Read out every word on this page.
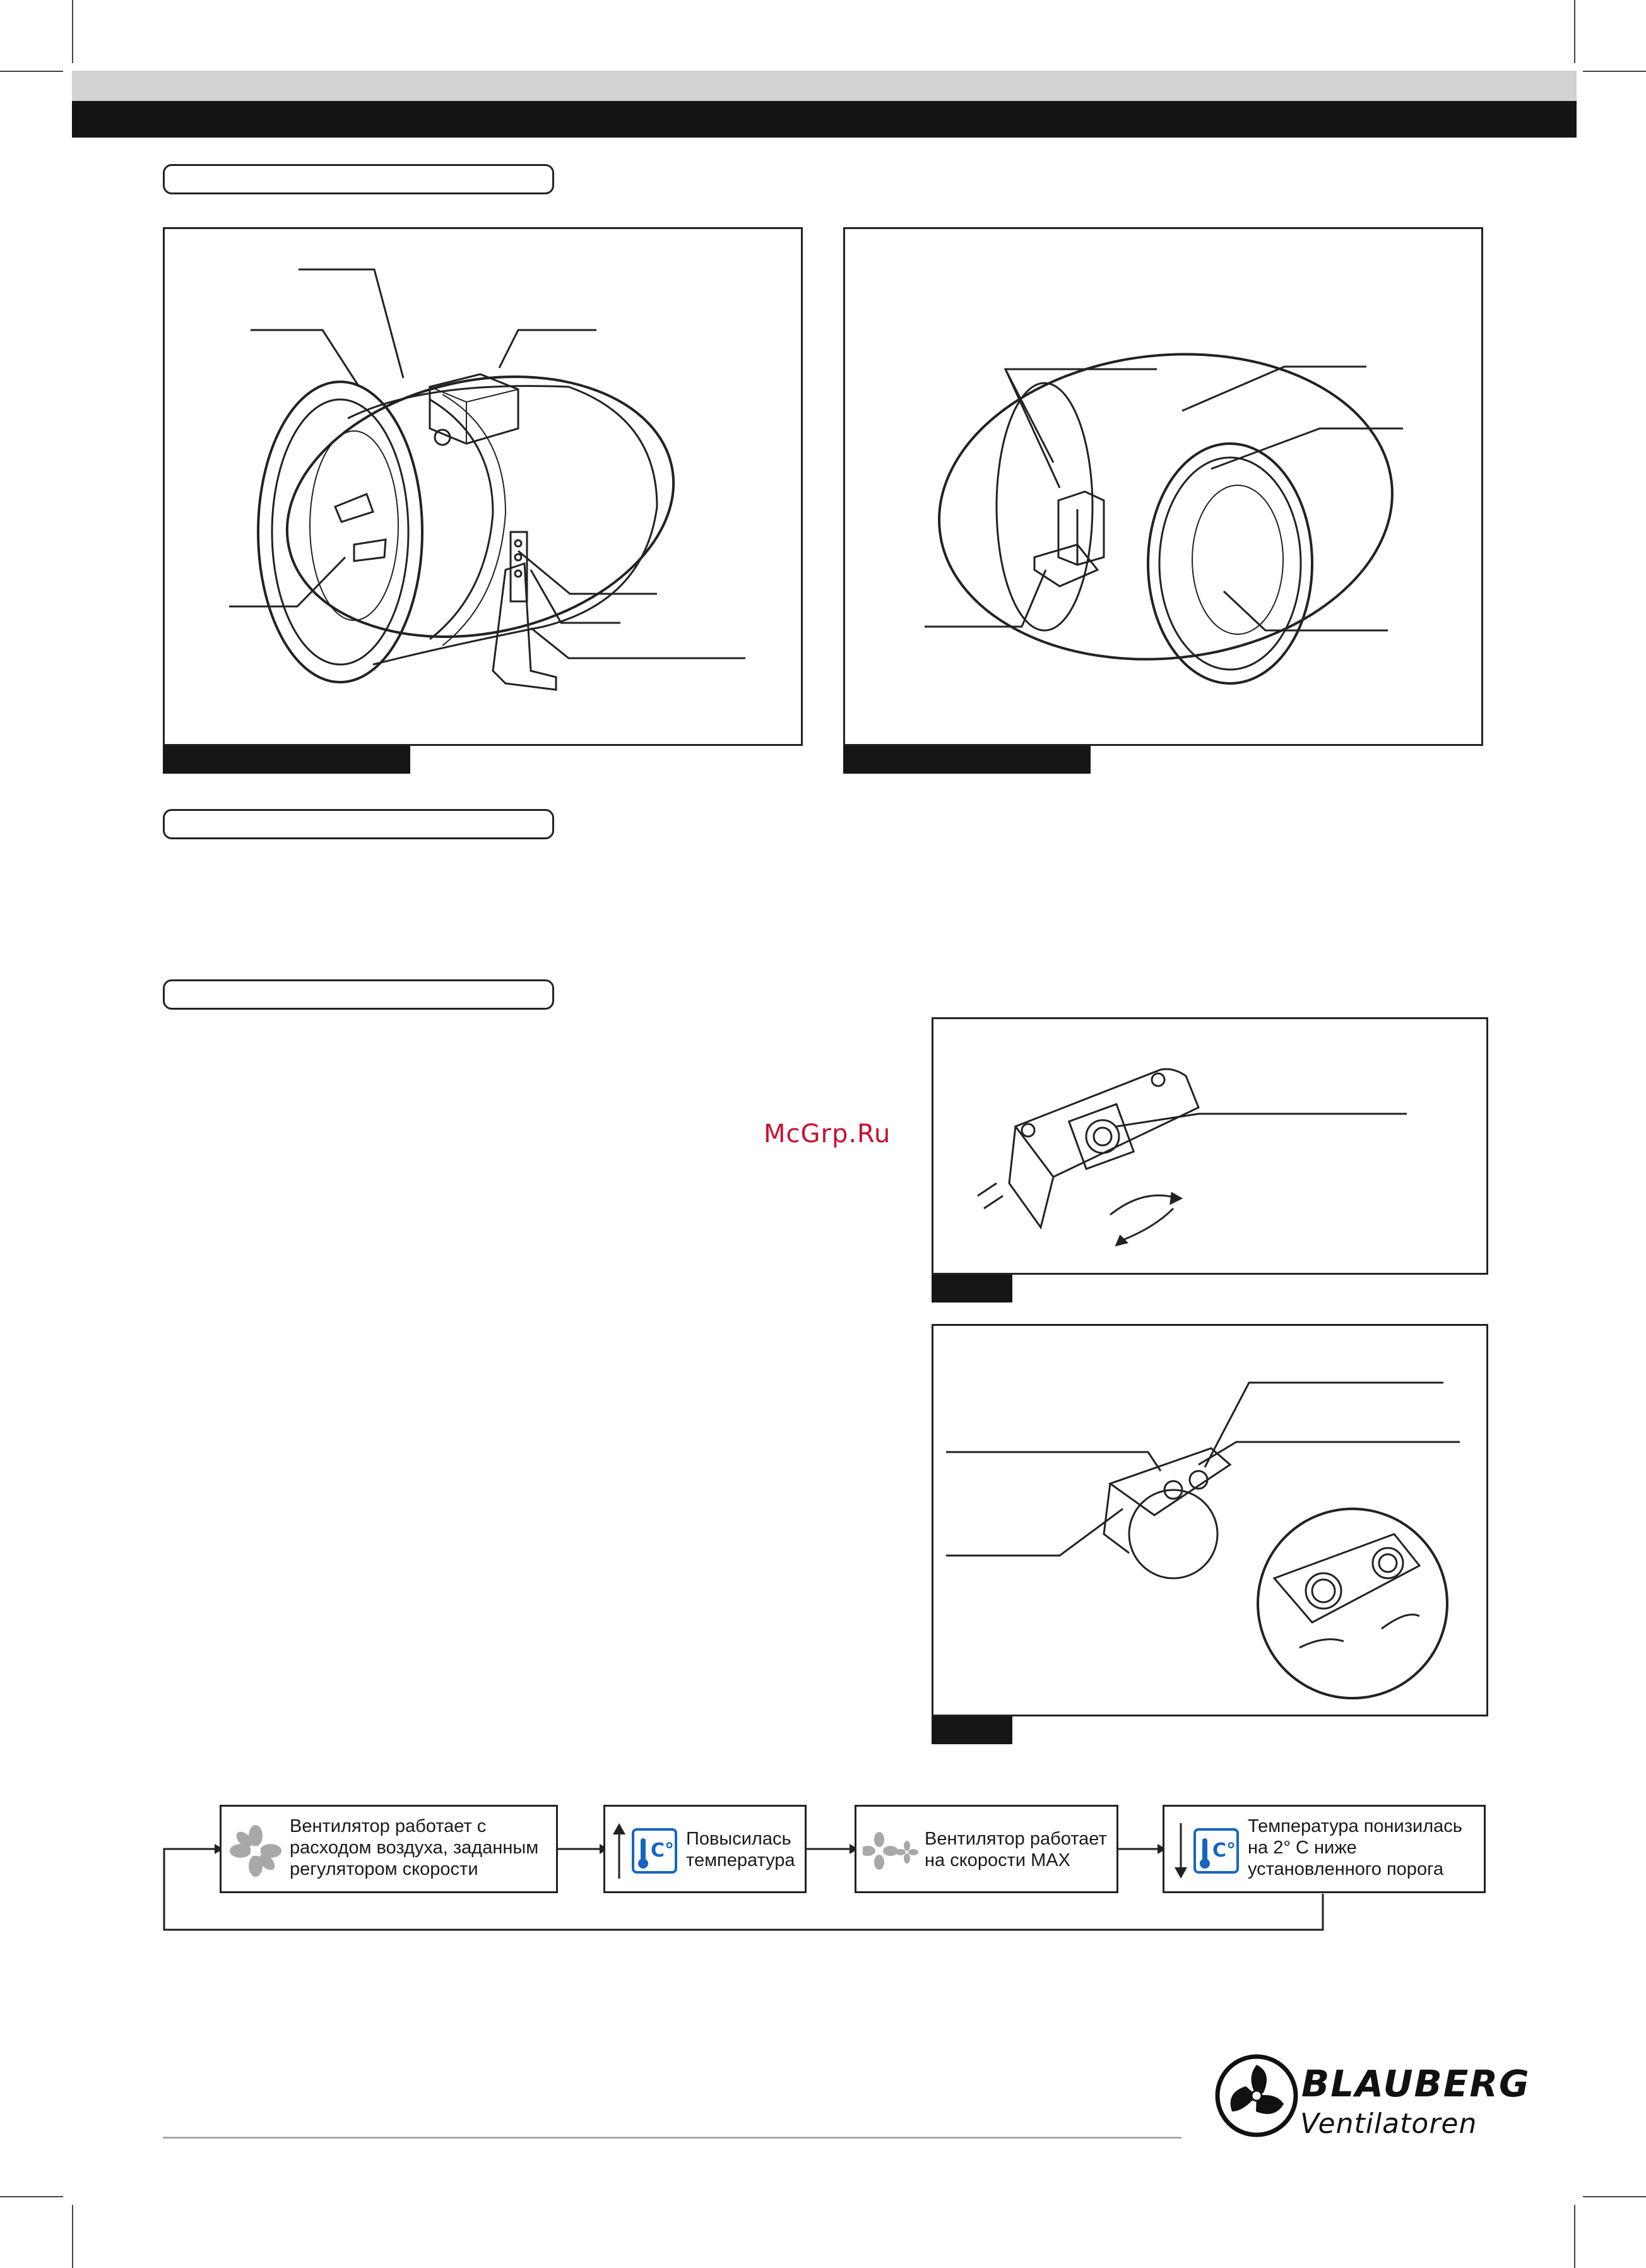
McGrp.Ru
Вентилятор работает с
расходом воздуха, заданным
регулятором скорости
C°
Повысилась
температура
Вентилятор работает
на скорости MAX	C°
Температура понизилась
на 2° С ниже
установленного порога
BLAUBERG
Ventilatoren
